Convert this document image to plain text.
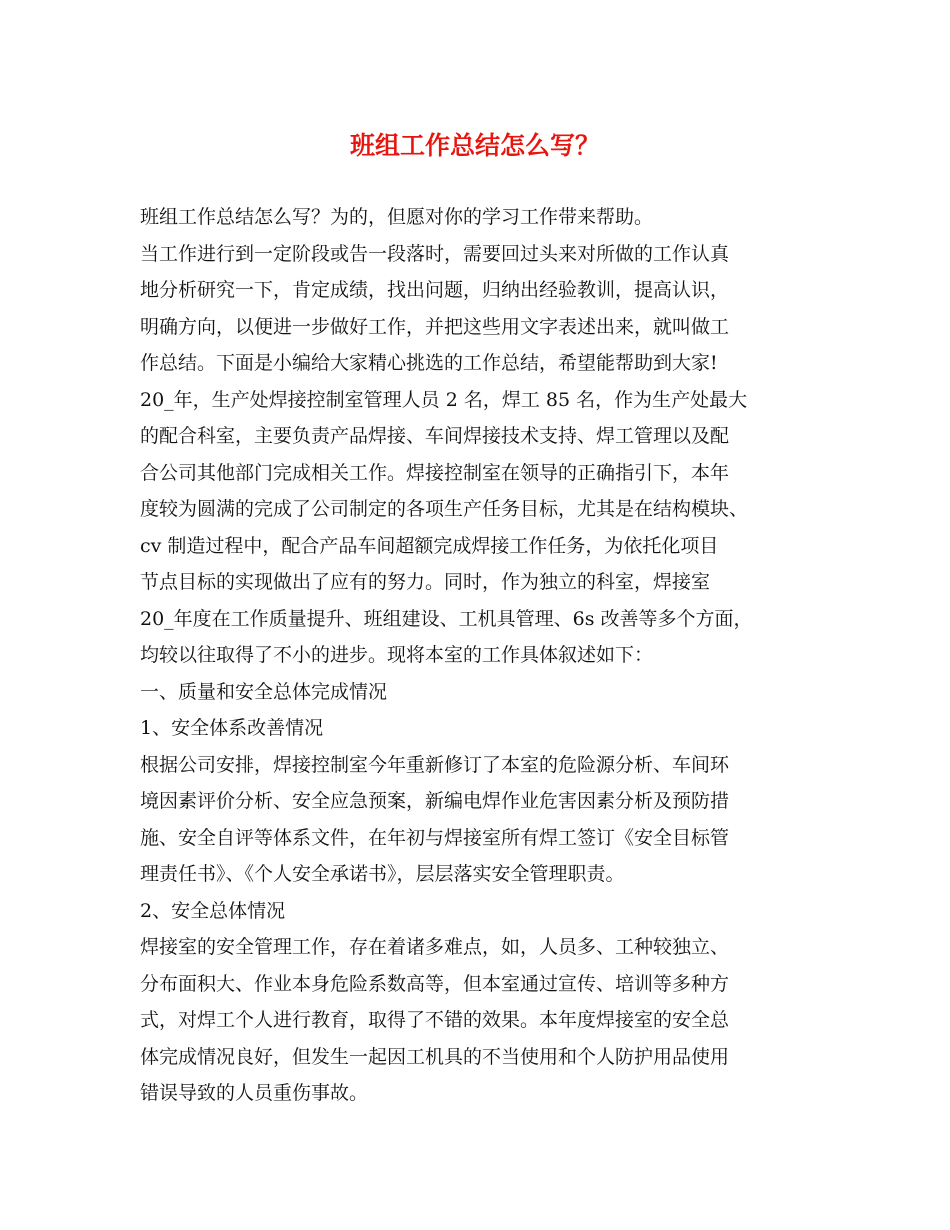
班组工作总结怎么写？
班组工作总结怎么写？为的，但愿对你的学习工作带来帮助。
当工作进行到一定阶段或告一段落时，需要回过头来对所做的工作认真
地分析研究一下，肯定成绩，找出问题，归纳出经验教训，提高认识，
明确方向，以便进一步做好工作，并把这些用文字表述出来，就叫做工
作总结。下面是小编给大家精心挑选的工作总结，希望能帮助到大家!
20_年，生产处焊接控制室管理人员 2 名，焊工 85 名，作为生产处最大
的配合科室，主要负责产品焊接、车间焊接技术支持、焊工管理以及配
合公司其他部门完成相关工作。焊接控制室在领导的正确指引下，本年
度较为圆满的完成了公司制定的各项生产任务目标，尤其是在结构模块、
cv 制造过程中，配合产品车间超额完成焊接工作任务，为依托化项目
节点目标的实现做出了应有的努力。同时，作为独立的科室，焊接室
20_年度在工作质量提升、班组建设、工机具管理、6s 改善等多个方面，
均较以往取得了不小的进步。现将本室的工作具体叙述如下：
一、质量和安全总体完成情况
1、安全体系改善情况
根据公司安排，焊接控制室今年重新修订了本室的危险源分析、车间环
境因素评价分析、安全应急预案，新编电焊作业危害因素分析及预防措
施、安全自评等体系文件，在年初与焊接室所有焊工签订《安全目标管
理责任书》、《个人安全承诺书》，层层落实安全管理职责。
2、安全总体情况
焊接室的安全管理工作，存在着诸多难点，如，人员多、工种较独立、
分布面积大、作业本身危险系数高等，但本室通过宣传、培训等多种方
式，对焊工个人进行教育，取得了不错的效果。本年度焊接室的安全总
体完成情况良好，但发生一起因工机具的不当使用和个人防护用品使用
错误导致的人员重伤事故。
